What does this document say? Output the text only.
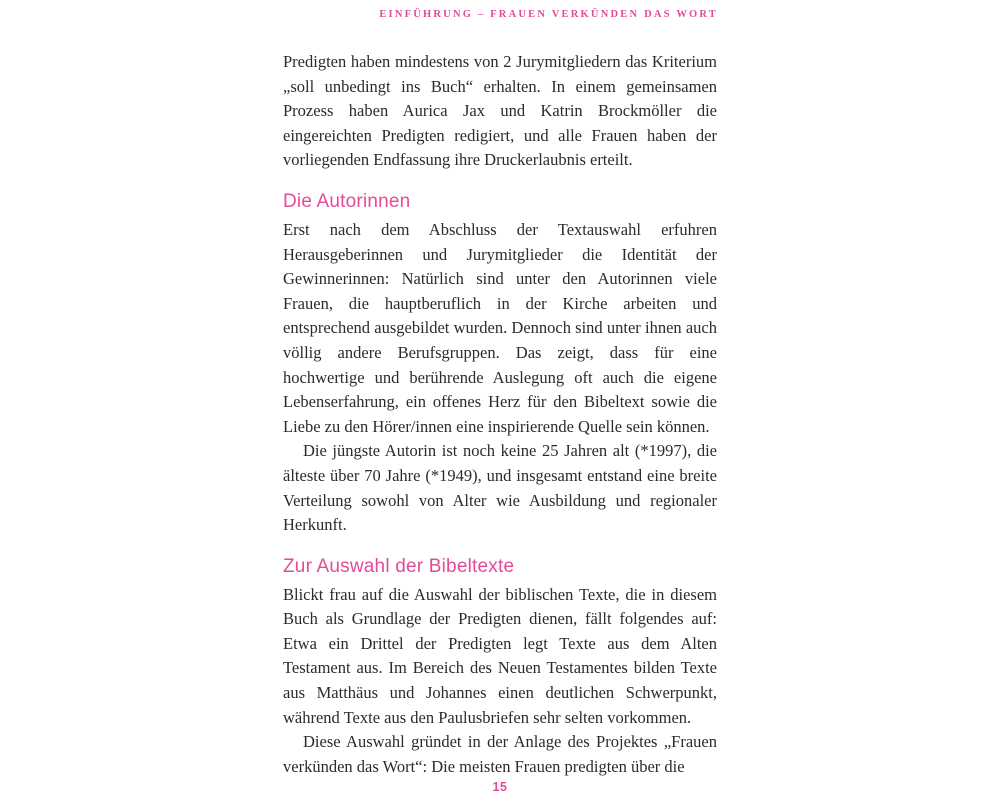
EINFÜHRUNG – FRAUEN VERKÜNDEN DAS WORT

Predigten haben mindestens von 2 Jurymitgliedern das Kriterium „soll unbedingt ins Buch“ erhalten. In einem gemeinsamen Prozess haben Aurica Jax und Katrin Brockmöller die eingereichten Predigten redigiert, und alle Frauen haben der vorliegenden Endfassung ihre Druckerlaubnis erteilt.

Die Autorinnen

Erst nach dem Abschluss der Textauswahl erfuhren Herausgeberinnen und Jurymitglieder die Identität der Gewinnerinnen: Natürlich sind unter den Autorinnen viele Frauen, die hauptberuflich in der Kirche arbeiten und entsprechend ausgebildet wurden. Dennoch sind unter ihnen auch völlig andere Berufsgruppen. Das zeigt, dass für eine hochwertige und berührende Auslegung oft auch die eigene Lebenserfahrung, ein offenes Herz für den Bibeltext sowie die Liebe zu den Hörer/innen eine inspirierende Quelle sein können.

Die jüngste Autorin ist noch keine 25 Jahren alt (*1997), die älteste über 70 Jahre (*1949), und insgesamt entstand eine breite Verteilung sowohl von Alter wie Ausbildung und regionaler Herkunft.

Zur Auswahl der Bibeltexte

Blickt frau auf die Auswahl der biblischen Texte, die in diesem Buch als Grundlage der Predigten dienen, fällt folgendes auf: Etwa ein Drittel der Predigten legt Texte aus dem Alten Testament aus. Im Bereich des Neuen Testamentes bilden Texte aus Matthäus und Johannes einen deutlichen Schwerpunkt, während Texte aus den Paulusbriefen sehr selten vorkommen.

Diese Auswahl gründet in der Anlage des Projektes „Frauen verkünden das Wort“: Die meisten Frauen predigten über die

15
